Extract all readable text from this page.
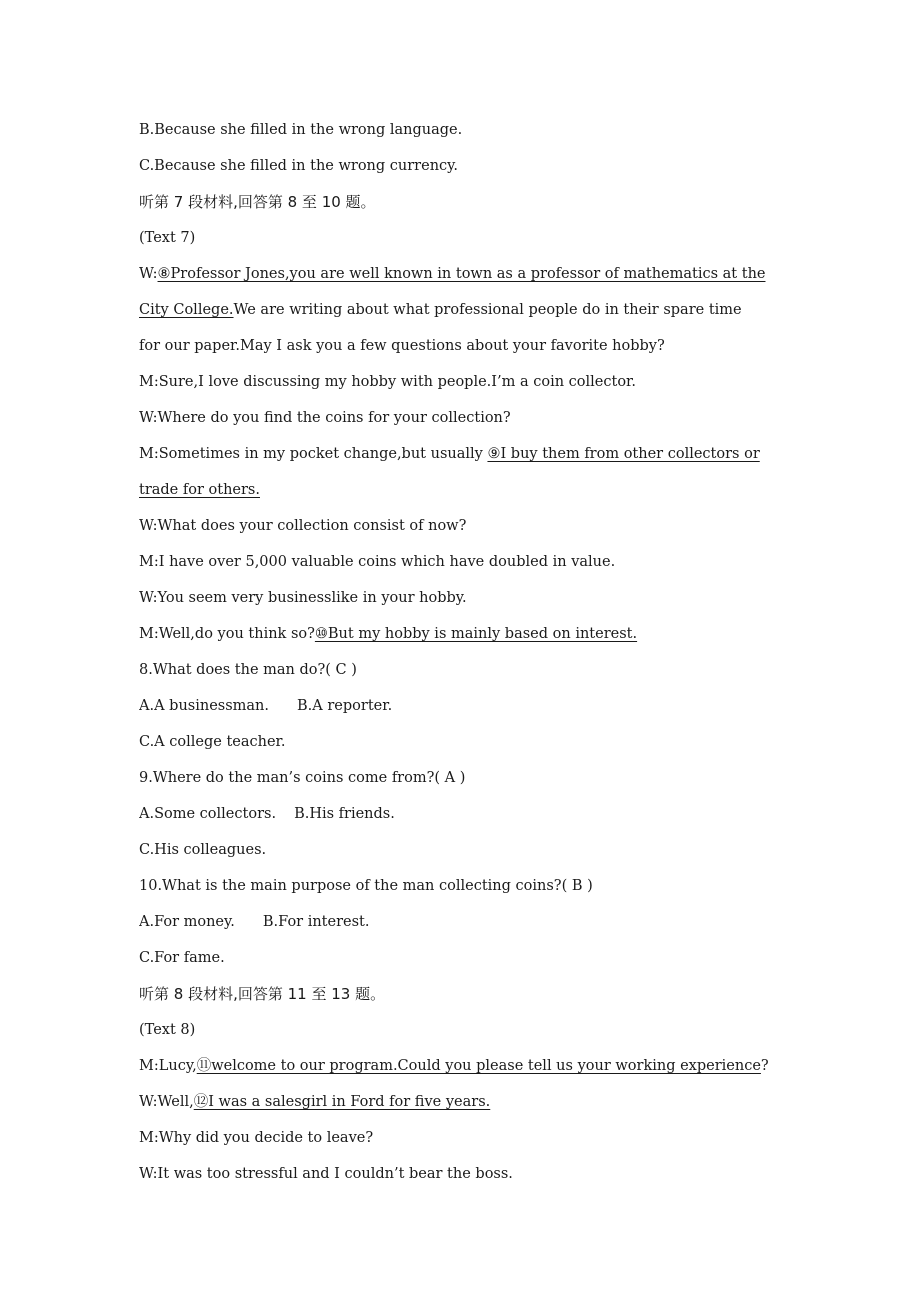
B.Because she filled in the wrong language.
C.Because she filled in the wrong currency.
听第 7 段材料,回答第 8 至 10 题。
(Text 7)
W:⑧Professor Jones,you are well known in town as a professor of mathematics at the
City College.We are writing about what professional people do in their spare time
for our paper.May I ask you a few questions about your favorite hobby?
M:Sure,I love discussing my hobby with people.I’m a coin collector.
W:Where do you find the coins for your collection?
M:Sometimes in my pocket change,but usually ⑨I buy them from other collectors or
trade for others.
W:What does your collection consist of now?
M:I have over 5,000 valuable coins which have doubled in value.
W:You seem very businesslike in your hobby.
M:Well,do you think so?⑩But my hobby is mainly based on interest.
8.What does the man do?( C )
A.A businessman. B.A reporter.
C.A college teacher.
9.Where do the man’s coins come from?( A )
A.Some collectors. B.His friends.
C.His colleagues.
10.What is the main purpose of the man collecting coins?( B )
A.For money. B.For interest.
C.For fame.
听第 8 段材料,回答第 11 至 13 题。
(Text 8)
M:Lucy,⑪welcome to our program.Could you please tell us your working experience?
W:Well,⑫I was a salesgirl in Ford for five years.
M:Why did you decide to leave?
W:It was too stressful and I couldn’t bear the boss.
